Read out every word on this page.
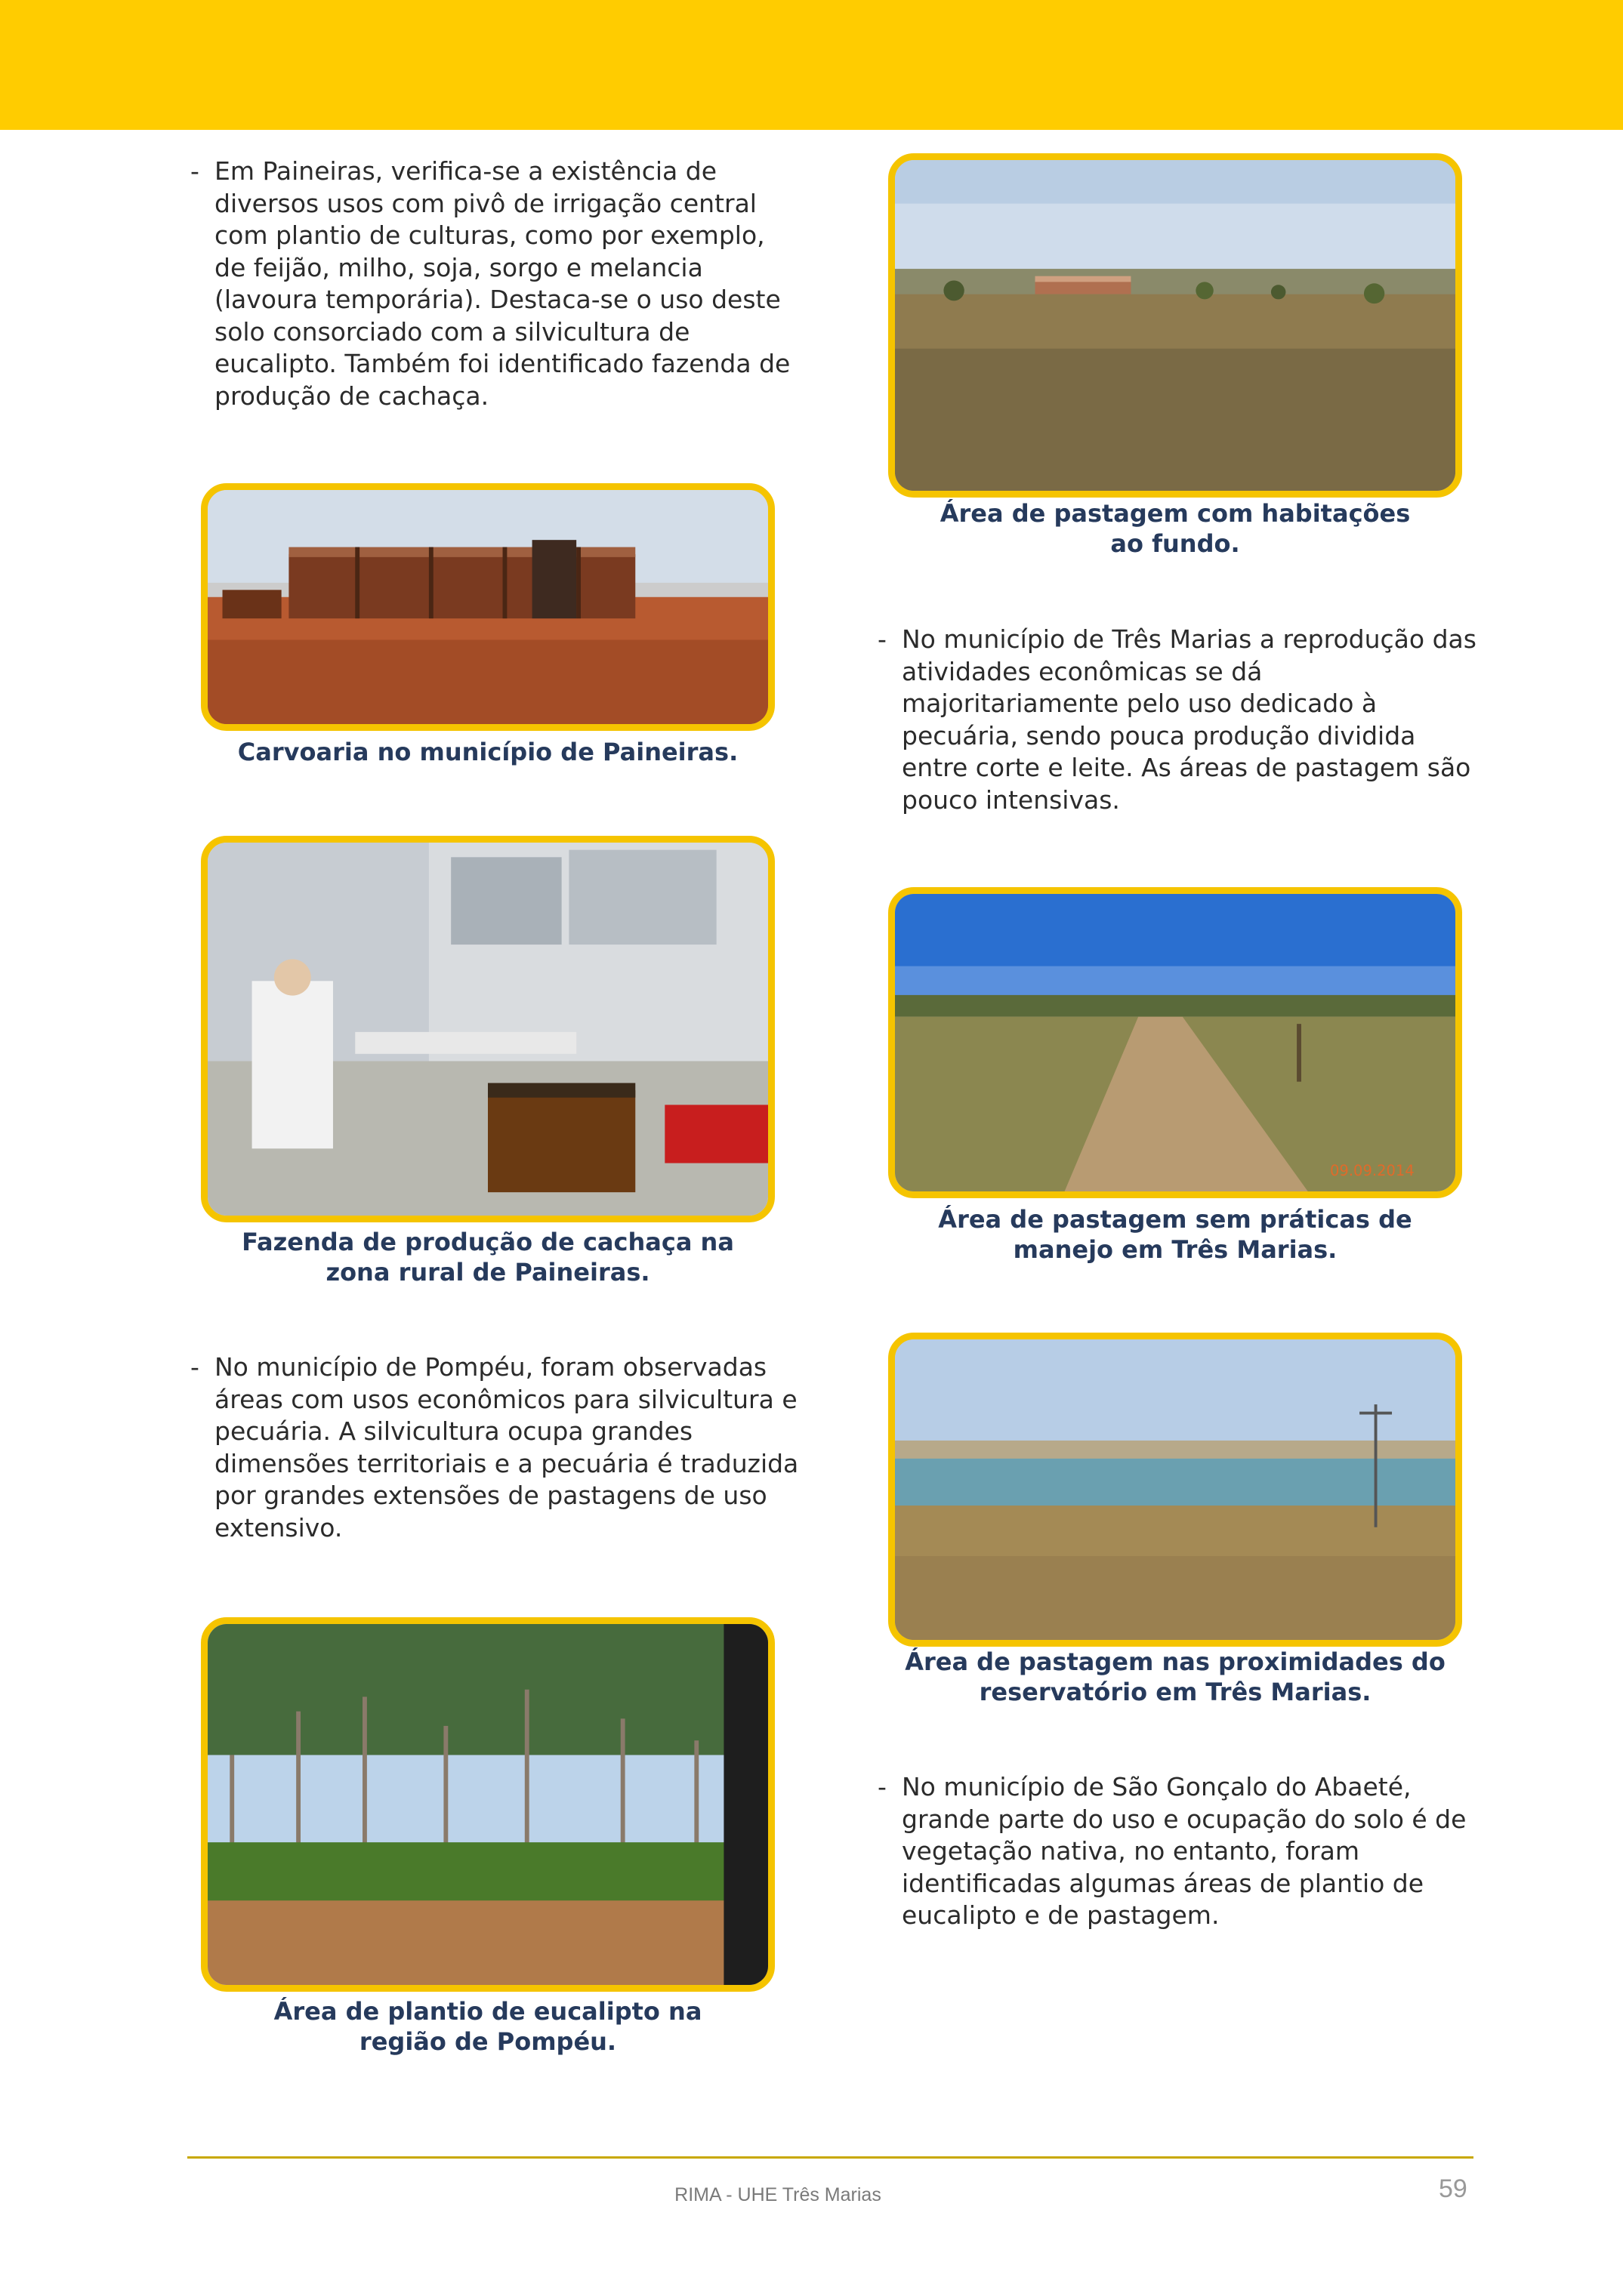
- Em Paineiras, verifica-se a existência de diversos usos com pivô de irrigação central com plantio de culturas, como por exemplo, de feijão, milho, soja, sorgo e melancia (lavoura temporária). Destaca-se o uso deste solo consorciado com a silvicultura de eucalipto. Também foi identificado fazenda de produção de cachaça.
Área de pastagem com habitações
ao fundo.
Carvoaria no município de Paineiras.
- No município de Três Marias a reprodução das atividades econômicas se dá majoritariamente pelo uso dedicado à pecuária, sendo pouca produção dividida entre corte e leite. As áreas de pastagem são pouco intensivas.
Fazenda de produção de cachaça na
zona rural de Paineiras.
09.09.2014
Área de pastagem sem práticas de
manejo em Três Marias.
- No município de Pompéu, foram observadas áreas com usos econômicos para silvicultura e pecuária. A silvicultura ocupa grandes dimensões territoriais e a pecuária é traduzida por grandes extensões de pastagens de uso extensivo.
Área de pastagem nas proximidades do
reservatório em Três Marias.
Área de plantio de eucalipto na
região de Pompéu.
- No município de São Gonçalo do Abaeté, grande parte do uso e ocupação do solo é de vegetação nativa, no entanto, foram identificadas algumas áreas de plantio de eucalipto e de pastagem.
RIMA - UHE Três Marias	59
